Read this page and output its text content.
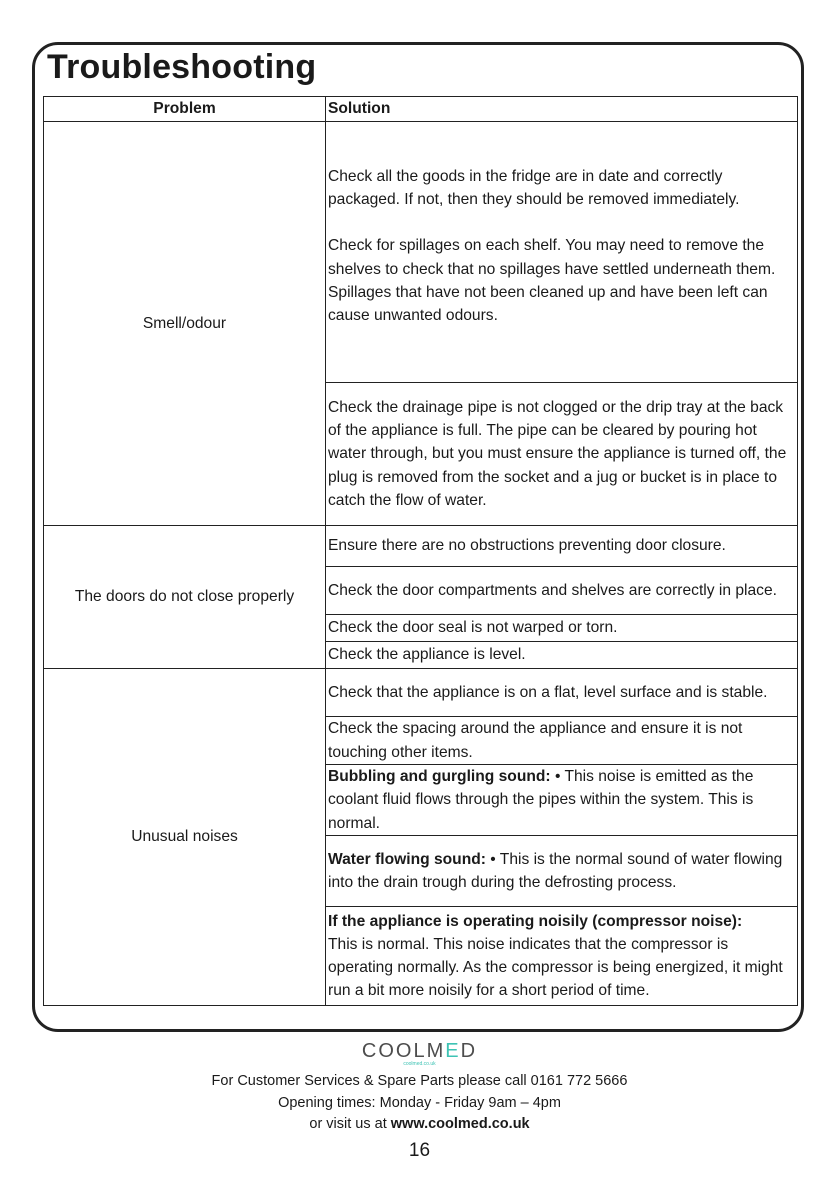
Troubleshooting
Problem	Solution
Smell/odour	Check all the goods in the fridge are in date and correctly packaged. If not, then they should be removed immediately.
Check for spillages on each shelf. You may need to remove the shelves to check that no spillages have settled underneath them. Spillages that have not been cleaned up and have been left can cause unwanted odours.

	Check the drainage pipe is not clogged or the drip tray at the back of the appliance is full. The pipe can be cleared by pouring hot water through, but you must ensure the appliance is turned off, the plug is removed from the socket and a jug or bucket is in place to catch the flow of water.
The doors do not close properly	Ensure there are no obstructions preventing door closure.
	Check the door compartments and shelves are correctly in place.
	Check the door seal is not warped or torn.
	Check the appliance is level.
Unusual noises	Check that the appliance is on a flat, level surface and is stable.
	Check the spacing around the appliance and ensure it is not touching other items.
	Bubbling and gurgling sound: • This noise is emitted as the coolant fluid flows through the pipes within the system. This is normal.
	Water flowing sound: • This is the normal sound of water flowing into the drain trough during the defrosting process.

	If the appliance is operating noisily (compressor noise):
This is normal. This noise indicates that the compressor is operating normally. As the compressor is being energized, it might run a bit more noisily for a short period of time.
COOLMED
coolmed.co.uk
For Customer Services & Spare Parts please call 0161 772 5666
Opening times: Monday - Friday 9am – 4pm
or visit us at www.coolmed.co.uk
16
